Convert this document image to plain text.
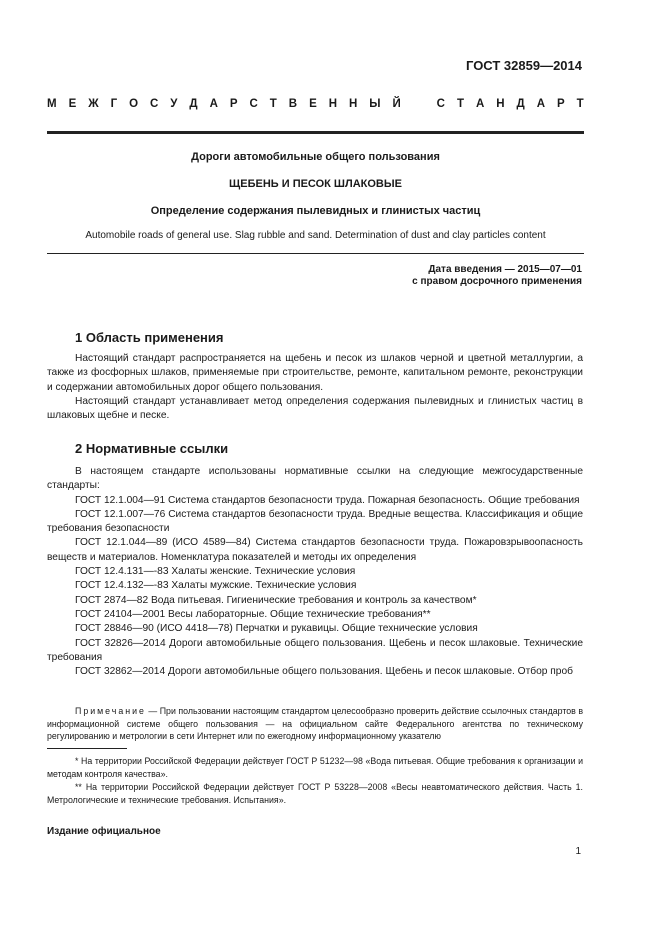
ГОСТ 32859—2014
М Е Ж Г О С У Д А Р С Т В Е Н Н Ы Й	С Т А Н Д А Р Т
Дороги автомобильные общего пользования
ЩЕБЕНЬ И ПЕСОК ШЛАКОВЫЕ
Определение содержания пылевидных и глинистых частиц
Automobile roads of general use. Slag rubble and sand. Determination of dust and clay particles content
Дата введения — 2015—07—01
с правом досрочного применения
1 Область применения

Настоящий стандарт распространяется на щебень и песок из шлаков черной и цветной металлургии, а также из фосфорных шлаков, применяемые при строительстве, ремонте, капитальном ремонте, реконструкции и содержании автомобильных дорог общего пользования.

Настоящий стандарт устанавливает метод определения содержания пылевидных и глинистых частиц в шлаковых щебне и песке.

2 Нормативные ссылки

В настоящем стандарте использованы нормативные ссылки на следующие межгосударственные стандарты:

ГОСТ 12.1.004—91 Система стандартов безопасности труда. Пожарная безопасность. Общие требования

ГОСТ 12.1.007—76 Система стандартов безопасности труда. Вредные вещества. Классификация и общие требования безопасности

ГОСТ 12.1.044—89 (ИСО 4589—84) Система стандартов безопасности труда. Пожаровзрывоопасность веществ и материалов. Номенклатура показателей и методы их определения

ГОСТ 12.4.131—-83 Халаты женские. Технические условия

ГОСТ 12.4.132—-83 Халаты мужские. Технические условия

ГОСТ 2874—82 Вода питьевая. Гигиенические требования и контроль за качеством*

ГОСТ 24104—2001 Весы лабораторные. Общие технические требования**

ГОСТ 28846—90 (ИСО 4418—78) Перчатки и рукавицы. Общие технические условия

ГОСТ 32826—2014 Дороги автомобильные общего пользования. Щебень и песок шлаковые. Технические требования

ГОСТ 32862—2014 Дороги автомобильные общего пользования. Щебень и песок шлаковые. Отбор проб

Примечание — При пользовании настоящим стандартом целесообразно проверить действие ссылочных стандартов в информационной системе общего пользования — на официальном сайте Федерального агентства по техническому регулированию и метрологии в сети Интернет или по ежегодному информационному указателю

* На территории Российской Федерации действует ГОСТ Р 51232—98 «Вода питьевая. Общие требования к организации и методам контроля качества».

** На территории Российской Федерации действует ГОСТ Р 53228—2008 «Весы неавтоматического действия. Часть 1. Метрологические и технические требования. Испытания».

Издание официальное
1
